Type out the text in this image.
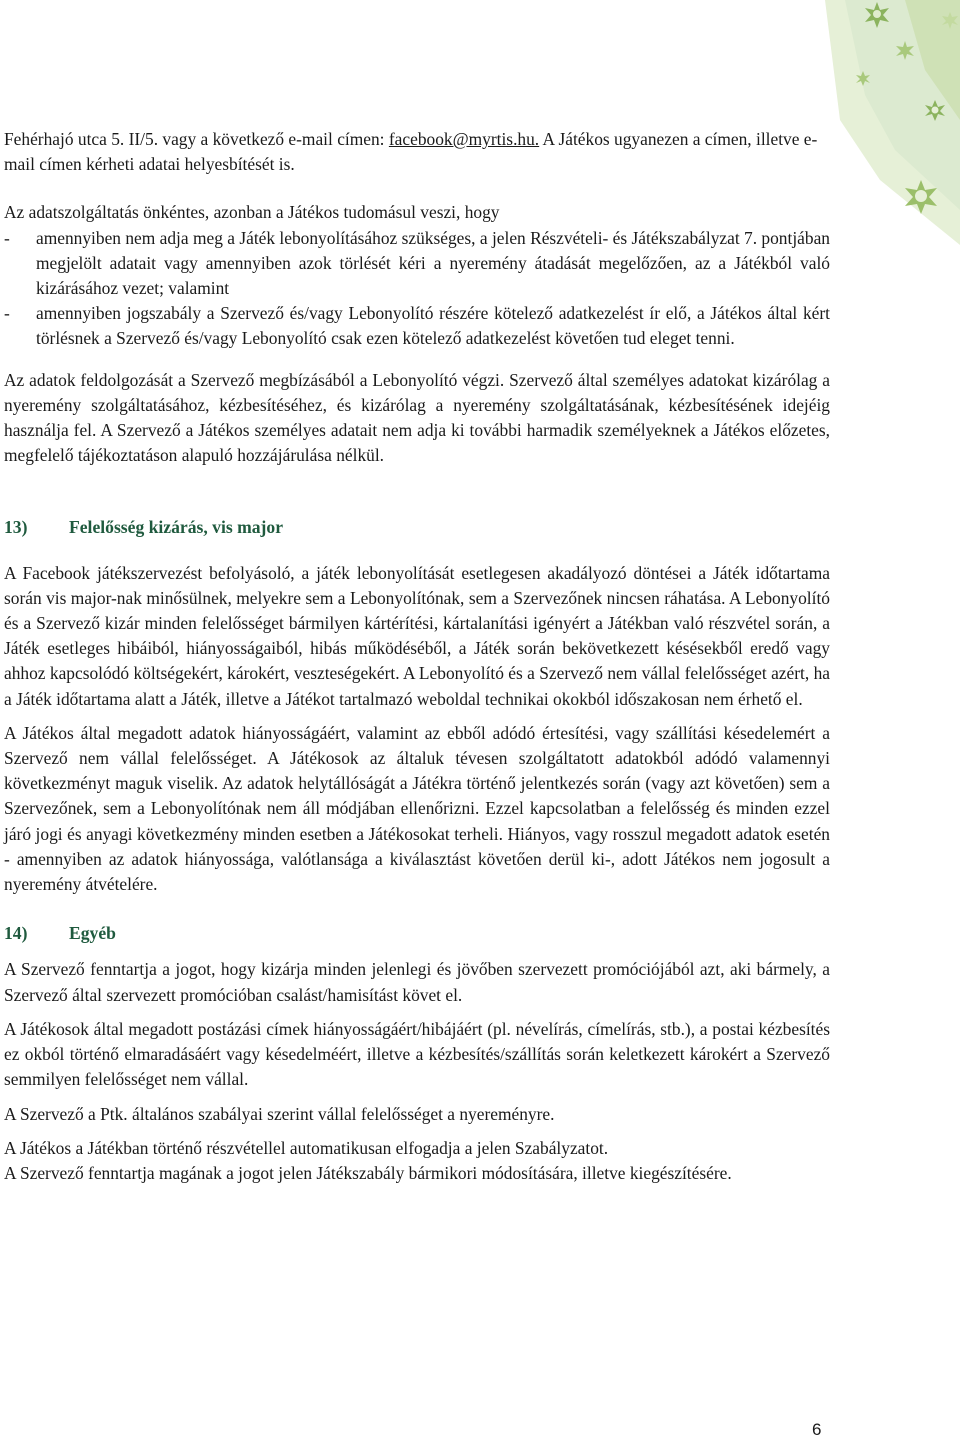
Fehérhajó utca 5. II/5. vagy a következő e-mail címen: facebook@myrtis.hu. A Játékos ugyanezen a címen, illetve e-mail címen kérheti adatai helyesbítését is.

Az adatszolgáltatás önkéntes, azonban a Játékos tudomásul veszi, hogy

-	amennyiben nem adja meg a Játék lebonyolításához szükséges, a jelen Részvételi- és Játékszabályzat 7. pontjában megjelölt adatait vagy amennyiben azok törlését kéri a nyeremény átadását megelőzően, az a Játékból való kizárásához vezet; valamint
-	amennyiben jogszabály a Szervező és/vagy Lebonyolító részére kötelező adatkezelést ír elő, a Játékos által kért törlésnek a Szervező és/vagy Lebonyolító csak ezen kötelező adatkezelést követően tud eleget tenni.

Az adatok feldolgozását a Szervező megbízásából a Lebonyolító végzi. Szervező által személyes adatokat kizárólag a nyeremény szolgáltatásához, kézbesítéséhez, és kizárólag a nyeremény szolgáltatásának, kézbesítésének idejéig használja fel. A Szervező a Játékos személyes adatait nem adja ki további harmadik személyeknek a Játékos előzetes, megfelelő tájékoztatáson alapuló hozzájárulása nélkül.

13)	Felelősség kizárás, vis major

A Facebook játékszervezést befolyásoló, a játék lebonyolítását esetlegesen akadályozó döntései a Játék időtartama során vis major-nak minősülnek, melyekre sem a Lebonyolítónak, sem a Szervezőnek nincsen ráhatása. A Lebonyolító és a Szervező kizár minden felelősséget bármilyen kártérítési, kártalanítási igényért a Játékban való részvétel során, a Játék esetleges hibáiból, hiányosságaiból, hibás működéséből, a Játék során bekövetkezett késésekből eredő vagy ahhoz kapcsolódó költségekért, károkért, veszteségekért. A Lebonyolító és a Szervező nem vállal felelősséget azért, ha a Játék időtartama alatt a Játék, illetve a Játékot tartalmazó weboldal technikai okokból időszakosan nem érhető el.

A Játékos által megadott adatok hiányosságáért, valamint az ebből adódó értesítési, vagy szállítási késedelemért a Szervező nem vállal felelősséget. A Játékosok az általuk tévesen szolgáltatott adatokból adódó valamennyi következményt maguk viselik. Az adatok helytállóságát a Játékra történő jelentkezés során (vagy azt követően) sem a Szervezőnek, sem a Lebonyolítónak nem áll módjában ellenőrizni. Ezzel kapcsolatban a felelősség és minden ezzel járó jogi és anyagi következmény minden esetben a Játékosokat terheli. Hiányos, vagy rosszul megadott adatok esetén - amennyiben az adatok hiányossága, valótlansága a kiválasztást követően derül ki-, adott Játékos nem jogosult a nyeremény átvételére.

14)	Egyéb

A Szervező fenntartja a jogot, hogy kizárja minden jelenlegi és jövőben szervezett promóciójából azt, aki bármely, a Szervező által szervezett promócióban csalást/hamisítást követ el.

A Játékosok által megadott postázási címek hiányosságáért/hibájáért (pl. névelírás, címelírás, stb.), a postai kézbesítés ez okból történő elmaradásáért vagy késedelméért, illetve a kézbesítés/szállítás során keletkezett károkért a Szervező semmilyen felelősséget nem vállal.

A Szervező a Ptk. általános szabályai szerint vállal felelősséget a nyereményre.

A Játékos a Játékban történő részvétellel automatikusan elfogadja a jelen Szabályzatot.

A Szervező fenntartja magának a jogot jelen Játékszabály bármikori módosítására, illetve kiegészítésére.

6
